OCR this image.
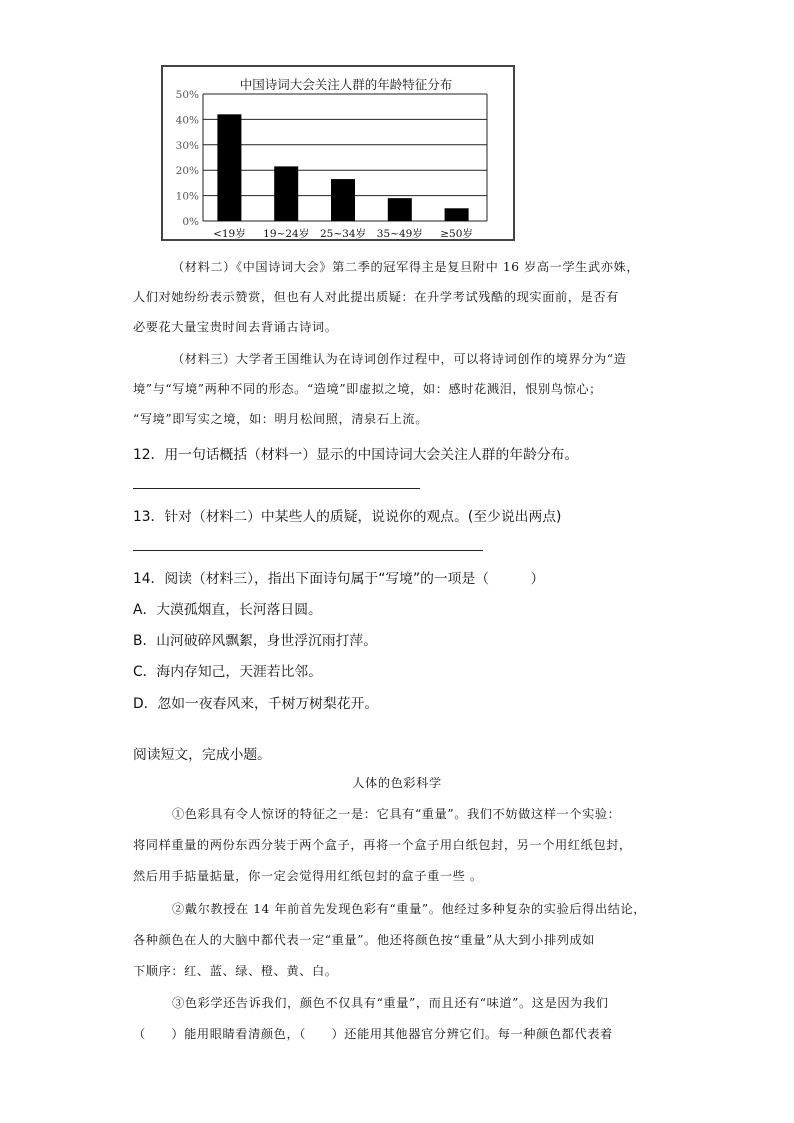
中国诗词大会关注人群的年龄特征分布
50%
40%
30%
20%
10%
0%
<19岁 19~24岁 25~34岁 35~49岁 ≥50岁
（材料二）《中国诗词大会》第二季的冠军得主是复旦附中 16 岁高一学生武亦姝，
人们对她纷纷表示赞赏，但也有人对此提出质疑：在升学考试残酷的现实面前，是否有
必要花大量宝贵时间去背诵古诗词。
（材料三）大学者王国维认为在诗词创作过程中，可以将诗词创作的境界分为“造
境”与“写境”两种不同的形态。“造境”即虚拟之境，如：感时花溅泪，恨别鸟惊心；
“写境”即写实之境，如：明月松间照，清泉石上流。
12．用一句话概括（材料一）显示的中国诗词大会关注人群的年龄分布。
13．针对（材料二）中某些人的质疑，说说你的观点。(至少说出两点)
14．阅读（材料三），指出下面诗句属于“写境”的一项是（　　　）
A．大漠孤烟直，长河落日圆。
B．山河破碎风飘絮，身世浮沉雨打萍。
C．海内存知己，天涯若比邻。
D．忽如一夜春风来，千树万树梨花开。
阅读短文，完成小题。
人体的色彩科学
①色彩具有令人惊讶的特征之一是：它具有“重量”。我们不妨做这样一个实验：
将同样重量的两份东西分装于两个盒子，再将一个盒子用白纸包封，另一个用红纸包封，
然后用手掂量掂量，你一定会觉得用红纸包封的盒子重一些 。
②戴尔教授在 14 年前首先发现色彩有“重量”。他经过多种复杂的实验后得出结论，
各种颜色在人的大脑中都代表一定“重量”。他还将颜色按“重量”从大到小排列成如
下顺序：红、蓝、绿、橙、黄、白。
③色彩学还告诉我们，颜色不仅具有“重量”，而且还有“味道”。这是因为我们
（　　）能用眼睛看清颜色，（　　）还能用其他器官分辨它们。每一种颜色都代表着
